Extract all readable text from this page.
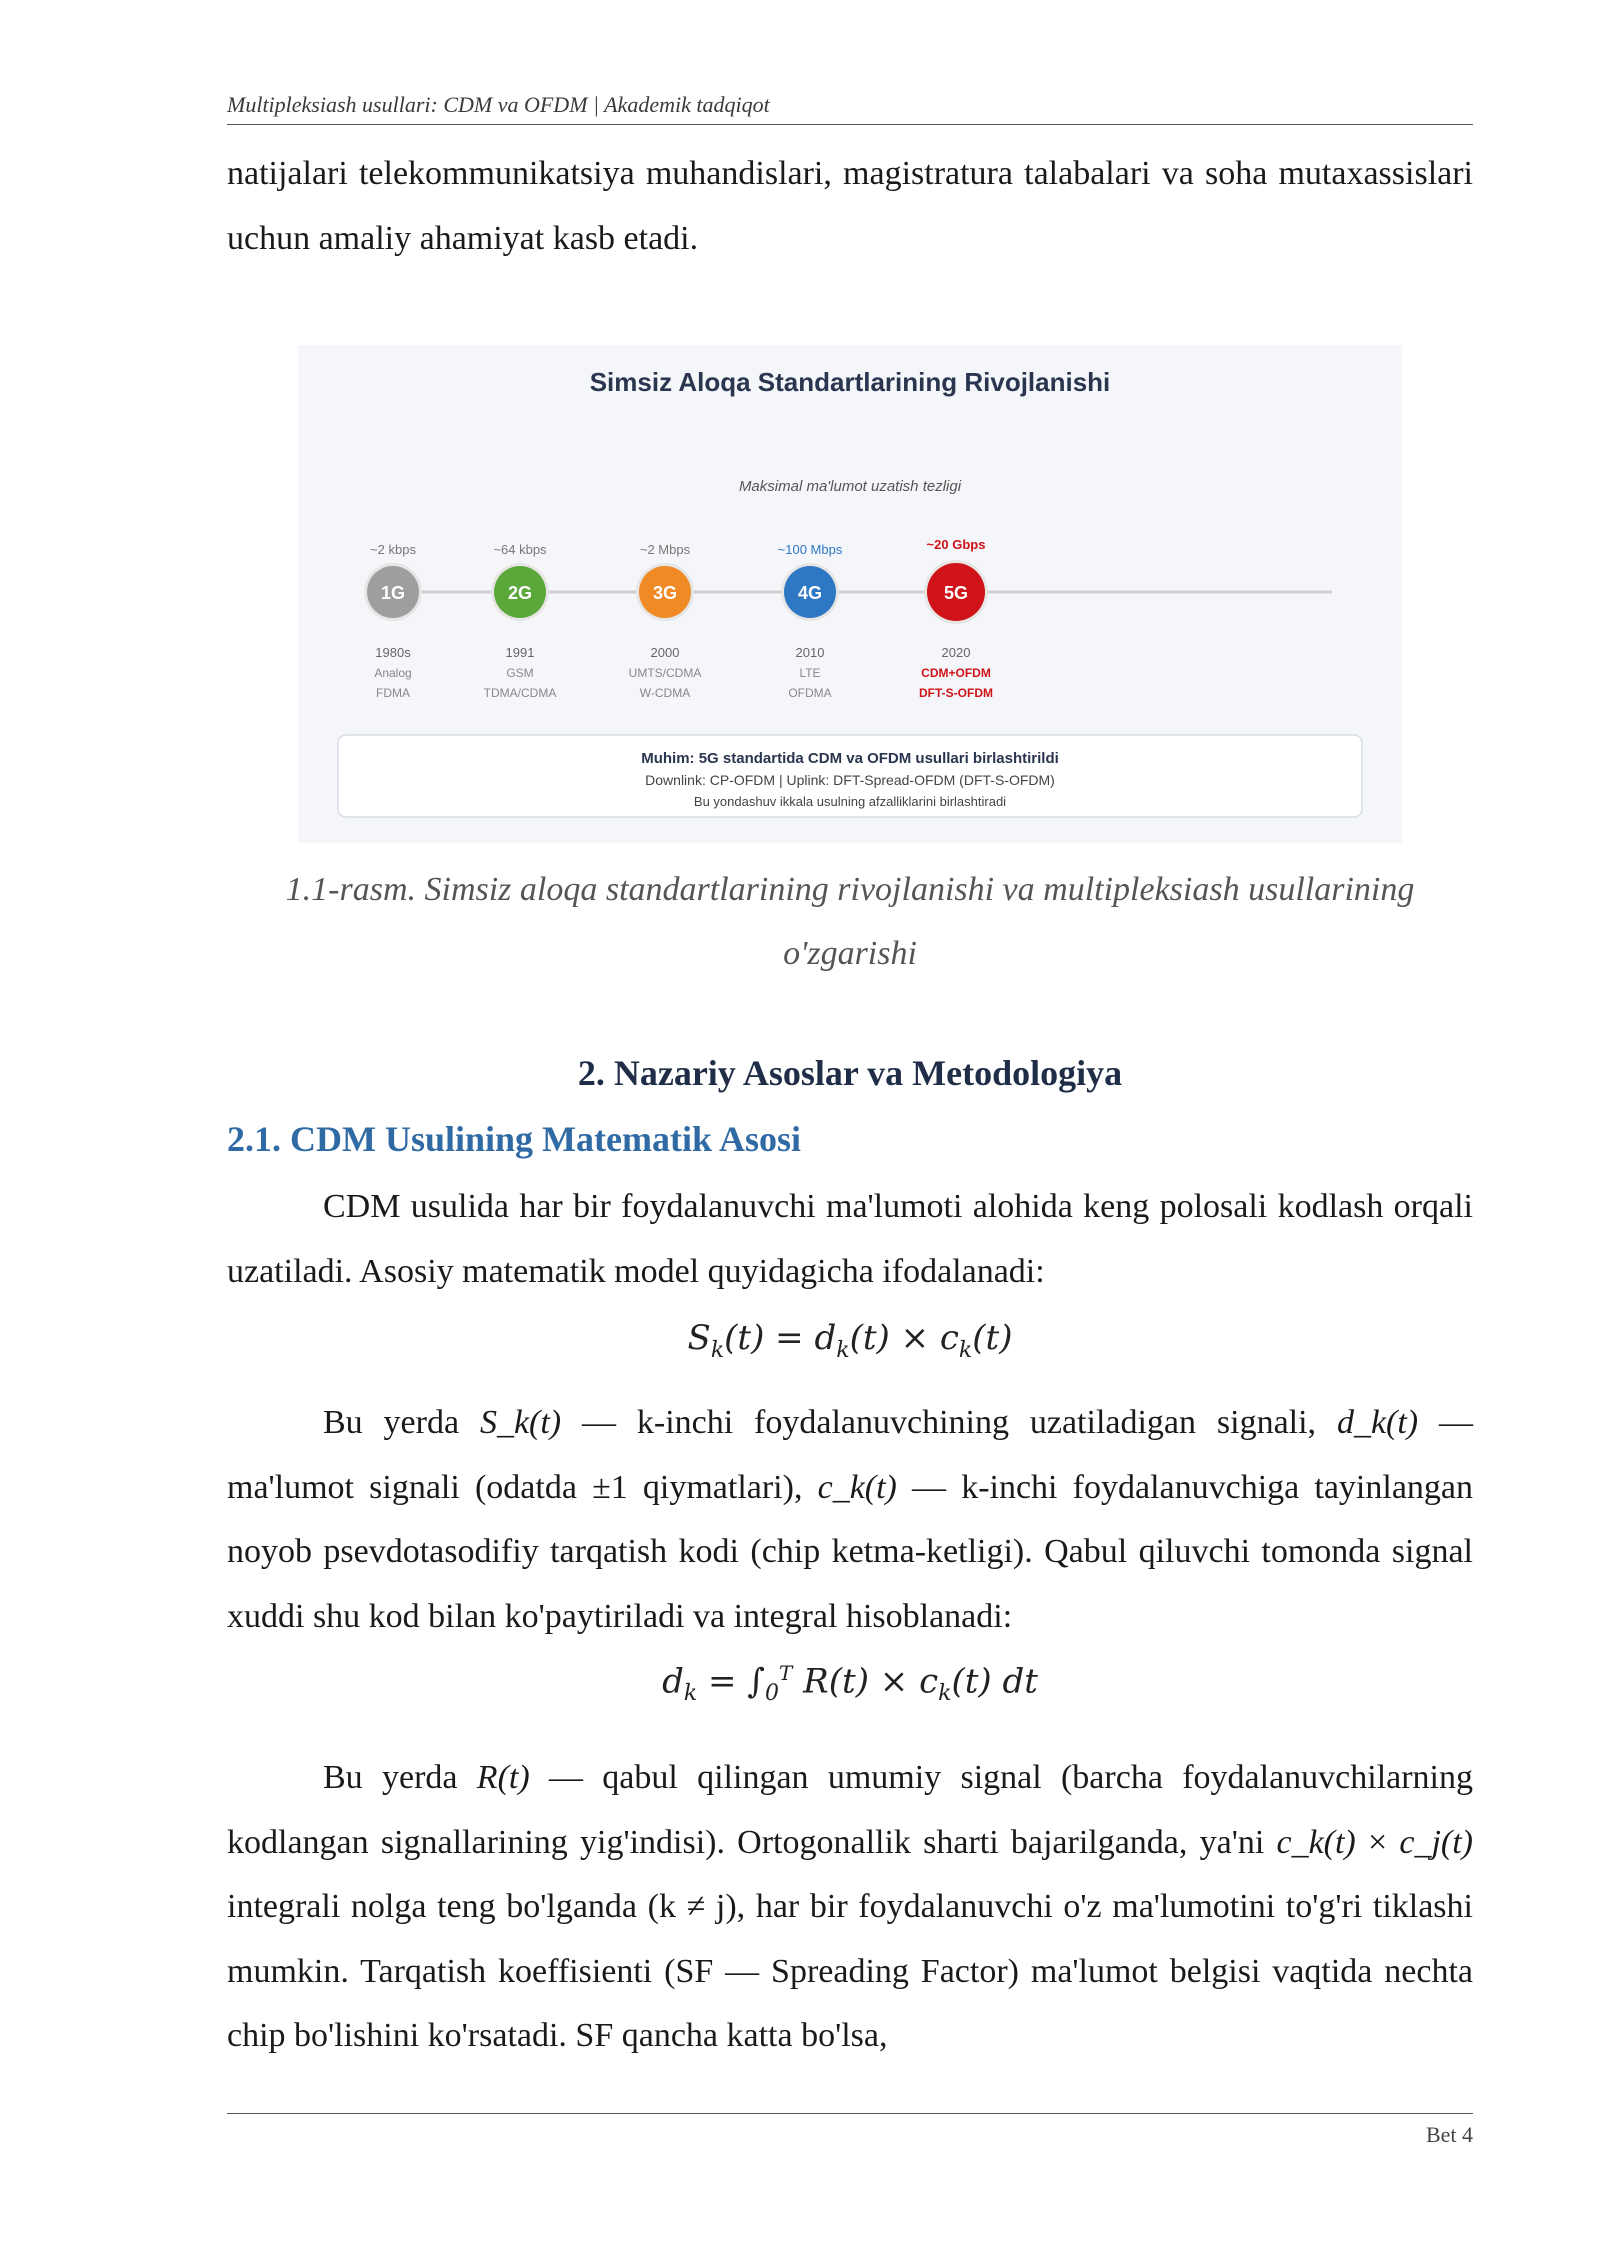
Multipleksiash usullari: CDM va OFDM | Akademik tadqiqot

natijalari telekommunikatsiya muhandislari, magistratura talabalari va soha mutaxassislari uchun amaliy ahamiyat kasb etadi.

Simsiz Aloqa Standartlarining Rivojlanishi
Maksimal ma'lumot uzatish tezligi
~2 kbps
1G
1980s
Analog
FDMA
~64 kbps
2G
1991
GSM
TDMA/CDMA
~2 Mbps
3G
2000
UMTS/CDMA
W-CDMA
~100 Mbps
4G
2010
LTE
OFDMA
~20 Gbps
5G
2020
CDM+OFDM
DFT-S-OFDM
Muhim: 5G standartida CDM va OFDM usullari birlashtirildi
Downlink: CP-OFDM | Uplink: DFT-Spread-OFDM (DFT-S-OFDM)
Bu yondashuv ikkala usulning afzalliklarini birlashtiradi
1.1-rasm. Simsiz aloqa standartlarining rivojlanishi va multipleksiash usullarining o'zgarishi
2. Nazariy Asoslar va Metodologiya
2.1. CDM Usulining Matematik Asosi

CDM usulida har bir foydalanuvchi ma'lumoti alohida keng polosali kodlash orqali uzatiladi. Asosiy matematik model quyidagicha ifodalanadi:

$S_k(t) = d_k(t) \times c_k(t)$

Bu yerda S_k(t) — k-inchi foydalanuvchining uzatiladigan signali, d_k(t) — ma'lumot signali (odatda ±1 qiymatlari), c_k(t) — k-inchi foydalanuvchiga tayinlangan noyob psevdotasodifiy tarqatish kodi (chip ketma-ketligi). Qabul qiluvchi tomonda signal xuddi shu kod bilan ko'paytiriladi va integral hisoblanadi:

$d_k = \int_0^T$ $R(t) \times c_k(t)$ dt

Bu yerda R(t) — qabul qilingan umumiy signal (barcha foydalanuvchilarning kodlangan signallarining yig'indisi). Ortogonallik sharti bajarilganda, ya'ni c_k(t) × c_j(t) integrali nolga teng bo'lganda (k ≠ j), har bir foydalanuvchi o'z ma'lumotini to'g'ri tiklashi mumkin. Tarqatish koeffisienti (SF — Spreading Factor) ma'lumot belgisi vaqtida nechta chip bo'lishini ko'rsatadi. SF qancha katta bo'lsa,

Bet 4
